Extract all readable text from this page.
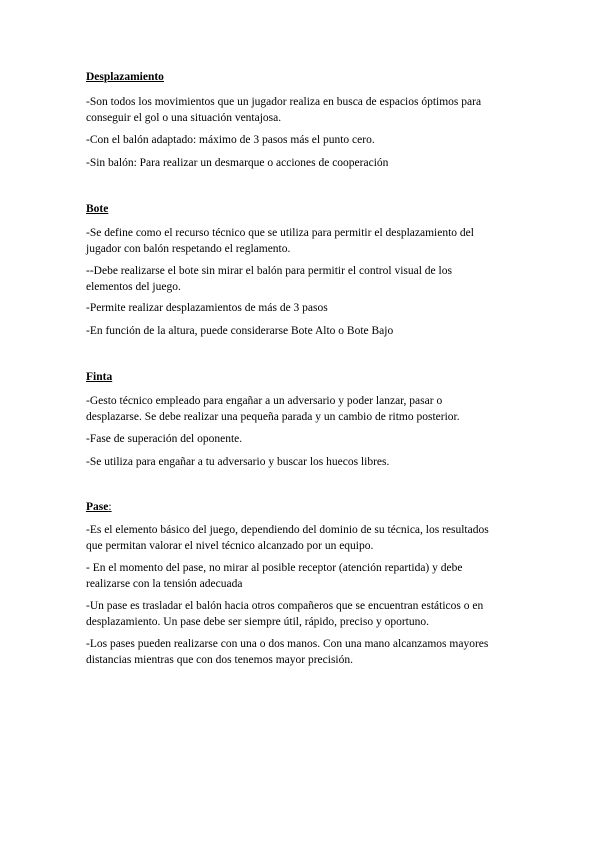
Desplazamiento
-Son todos los movimientos que un jugador realiza en busca de espacios óptimos para
conseguir el gol o una situación ventajosa.
-Con el balón adaptado: máximo de 3 pasos más el punto cero.
-Sin balón: Para realizar un desmarque o acciones de cooperación
Bote
-Se define como el recurso técnico que se utiliza para permitir el desplazamiento del
jugador con balón respetando el reglamento.
--Debe realizarse el bote sin mirar el balón para permitir el control visual de los
elementos del juego.
-Permite realizar desplazamientos de más de 3 pasos
-En función de la altura, puede considerarse Bote Alto o Bote Bajo
Finta
-Gesto técnico empleado para engañar a un adversario y poder lanzar, pasar o
desplazarse. Se debe realizar una pequeña parada y un cambio de ritmo posterior.
-Fase de superación del oponente.
-Se utiliza para engañar a tu adversario y buscar los huecos libres.
Pase:
-Es el elemento básico del juego, dependiendo del dominio de su técnica, los resultados
que permitan valorar el nivel técnico alcanzado por un equipo.
- En el momento del pase, no mirar al posible receptor (atención repartida) y debe
realizarse con la tensión adecuada
-Un pase es trasladar el balón hacia otros compañeros que se encuentran estáticos o en
desplazamiento. Un pase debe ser siempre útil, rápido, preciso y oportuno.
-Los pases pueden realizarse con una o dos manos. Con una mano alcanzamos mayores
distancias mientras que con dos tenemos mayor precisión.
